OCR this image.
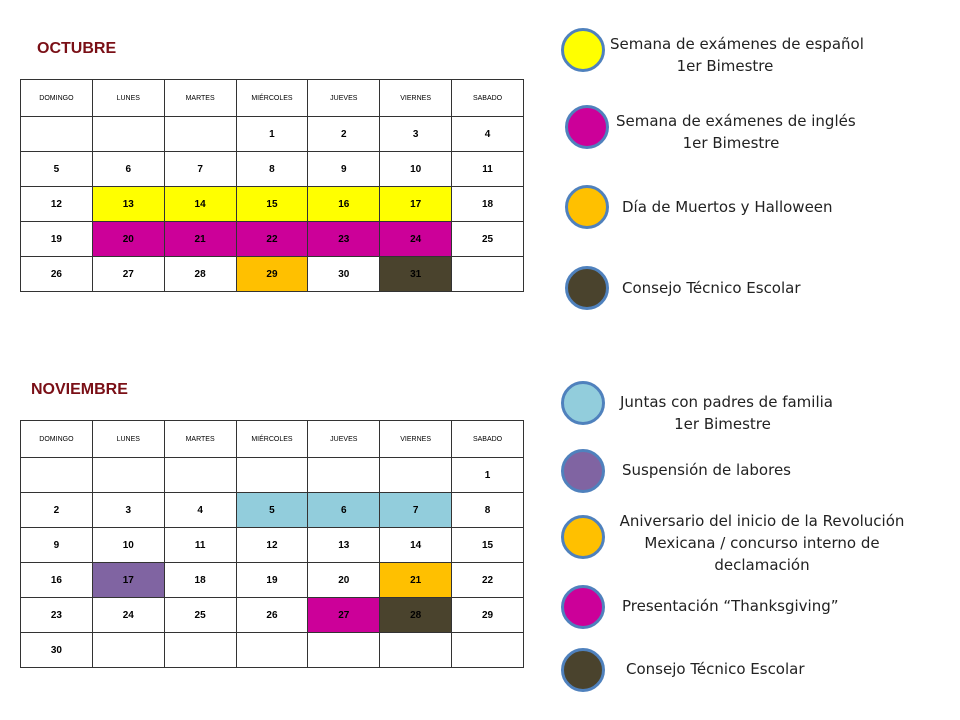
OCTUBRE
DOMINGO	LUNES	MARTES	MIÉRCOLES	JUEVES	VIERNES	SABADO
			1	2	3	4
5	6	7	8	9	10	11
12	13	14	15	16	17	18
19	20	21	22	23	24	25
26	27	28	29	30	31	
NOVIEMBRE
DOMINGO	LUNES	MARTES	MIÉRCOLES	JUEVES	VIERNES	SABADO
						1
2	3	4	5	6	7	8
9	10	11	12	13	14	15
16	17	18	19	20	21	22
23	24	25	26	27	28	29
30						
Semana de exámenes de español
1er Bimestre
Semana de exámenes de inglés
1er Bimestre
Día de Muertos y Halloween
Consejo Técnico Escolar
Juntas con padres de familia
1er Bimestre
Suspensión de labores
Aniversario del inicio de la Revolución
Mexicana / concurso interno de
declamación
Presentación “Thanksgiving”
Consejo Técnico Escolar
